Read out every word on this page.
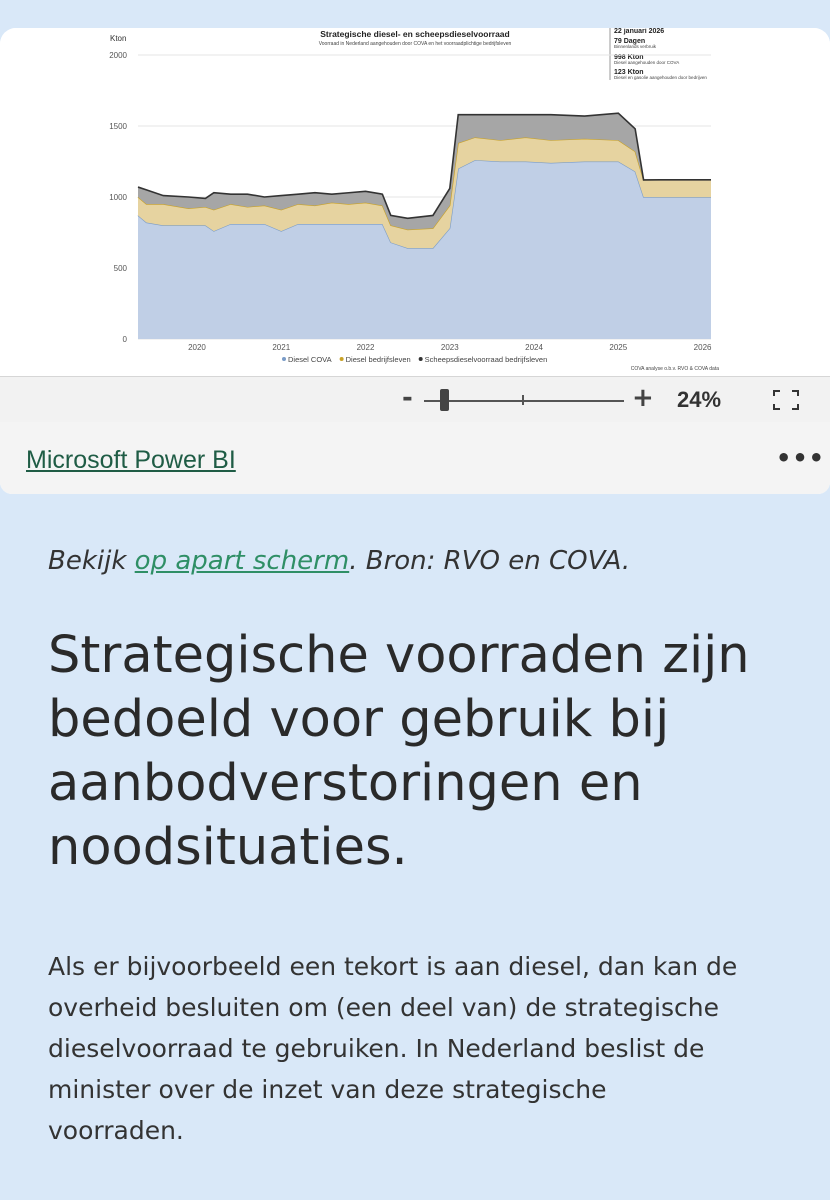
Strategische diesel- en scheepsdieselvoorraad
Voorraad in Nederland aangehouden door COVA en het voorraadplichtige bedrijfsleven
Kton
22 januari 2026
79 Dagen
Binnenlands verbruik
998 Kton
Diesel aangehouden door COVA
123 Kton
Diesel en gasolie aangehouden door bedrijven
0
500
1000
1500
2000
2020	2021	2022	2023	2024	2025	2026
Diesel COVA Diesel bedrijfsleven Scheepsdieselvoorraad bedrijfsleven
COVA analyse o.b.v. RVO & COVA data
-	+ 24%
Microsoft Power BI	•••
Bekijk op apart scherm. Bron: RVO en COVA.
Strategische voorraden zijn bedoeld voor gebruik bij aanbodverstoringen en noodsituaties.

Als er bijvoorbeeld een tekort is aan diesel, dan kan de overheid besluiten om (een deel van) de strategische dieselvoorraad te gebruiken. In Nederland beslist de minister over de inzet van deze strategische voorraden.
